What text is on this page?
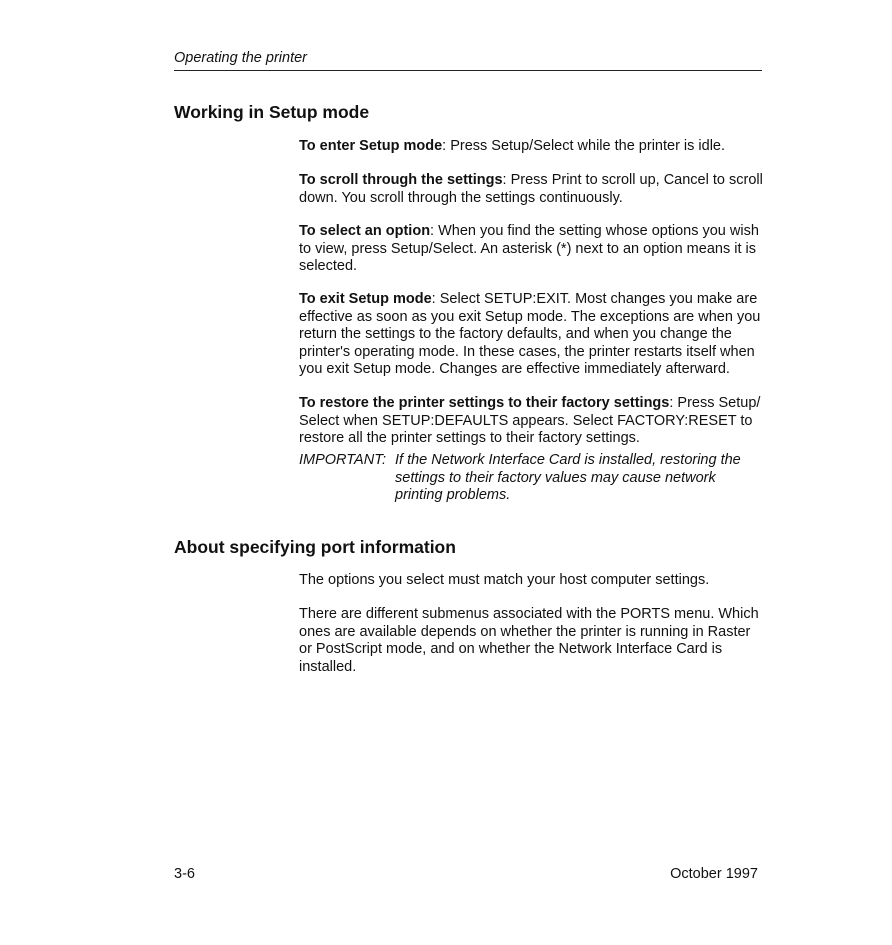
Operating the printer
Working in Setup mode

To enter Setup mode: Press Setup/Select while the printer is idle.

To scroll through the settings: Press Print to scroll up, Cancel to scroll down. You scroll through the settings continuously.

To select an option: When you find the setting whose options you wish to view, press Setup/Select. An asterisk (*) next to an option means it is selected.

To exit Setup mode: Select SETUP:EXIT. Most changes you make are effective as soon as you exit Setup mode. The exceptions are when you return the settings to the factory defaults, and when you change the printer's operating mode. In these cases, the printer restarts itself when you exit Setup mode. Changes are effective immediately afterward.

To restore the printer settings to their factory settings: Press Setup/ Select when SETUP:DEFAULTS appears. Select FACTORY:RESET to restore all the printer settings to their factory settings.

IMPORTANT: If the Network Interface Card is installed, restoring the settings to their factory values may cause network printing problems.
About specifying port information

The options you select must match your host computer settings.

There are different submenus associated with the PORTS menu. Which ones are available depends on whether the printer is running in Raster or PostScript mode, and on whether the Network Interface Card is installed.

3-6	October 1997
